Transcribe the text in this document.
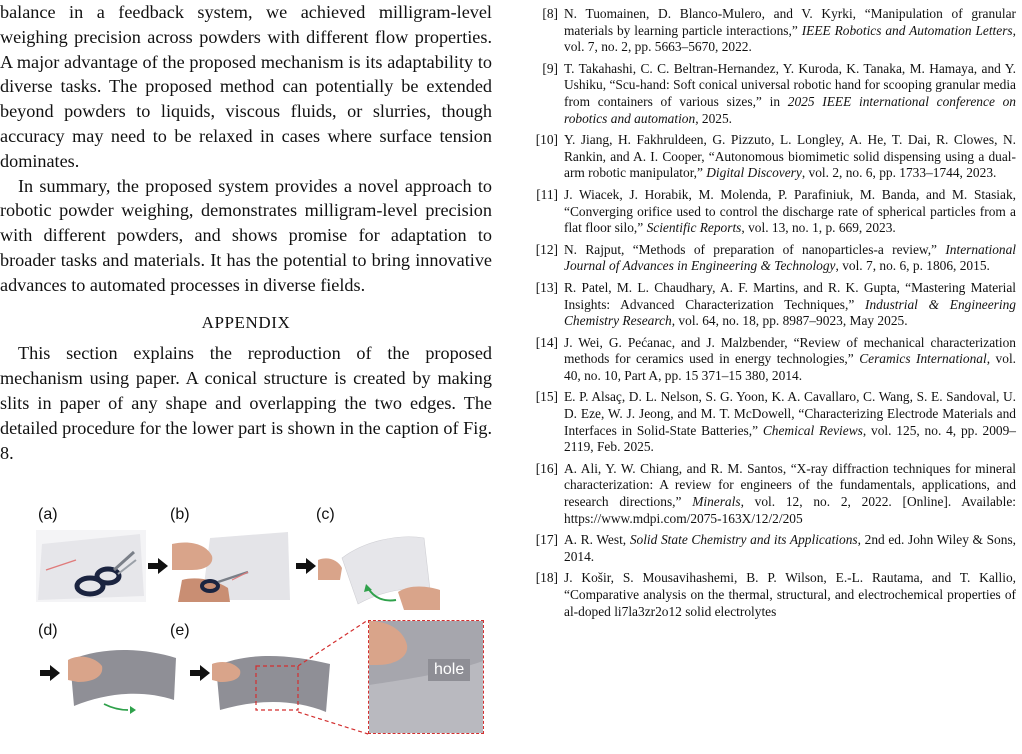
balance in a feedback system, we achieved milligram-level weighing precision across powders with different flow properties. A major advantage of the proposed mechanism is its adaptability to diverse tasks. The proposed method can potentially be extended beyond powders to liquids, viscous fluids, or slurries, though accuracy may need to be relaxed in cases where surface tension dominates.

In summary, the proposed system provides a novel approach to robotic powder weighing, demonstrates milligram-level precision with different powders, and shows promise for adaptation to broader tasks and materials. It has the potential to bring innovative advances to automated processes in diverse fields.

APPENDIX

This section explains the reproduction of the proposed mechanism using paper. A conical structure is created by making slits in paper of any shape and overlapping the two edges. The detailed procedure for the lower part is shown in the caption of Fig. 8.

(a)	(b)	(c)
(d)	(e)
hole
[8] N. Tuomainen, D. Blanco-Mulero, and V. Kyrki, “Manipulation of granular materials by learning particle interactions,” IEEE Robotics and Automation Letters, vol. 7, no. 2, pp. 5663–5670, 2022.
[9] T. Takahashi, C. C. Beltran-Hernandez, Y. Kuroda, K. Tanaka, M. Hamaya, and Y. Ushiku, “Scu-hand: Soft conical universal robotic hand for scooping granular media from containers of various sizes,” in 2025 IEEE international conference on robotics and automation, 2025.
[10] Y. Jiang, H. Fakhruldeen, G. Pizzuto, L. Longley, A. He, T. Dai, R. Clowes, N. Rankin, and A. I. Cooper, “Autonomous biomimetic solid dispensing using a dual-arm robotic manipulator,” Digital Discovery, vol. 2, no. 6, pp. 1733–1744, 2023.
[11] J. Wiacek, J. Horabik, M. Molenda, P. Parafiniuk, M. Banda, and M. Stasiak, “Converging orifice used to control the discharge rate of spherical particles from a flat floor silo,” Scientific Reports, vol. 13, no. 1, p. 669, 2023.
[12] N. Rajput, “Methods of preparation of nanoparticles-a review,” International Journal of Advances in Engineering & Technology, vol. 7, no. 6, p. 1806, 2015.
[13] R. Patel, M. L. Chaudhary, A. F. Martins, and R. K. Gupta, “Mastering Material Insights: Advanced Characterization Techniques,” Industrial & Engineering Chemistry Research, vol. 64, no. 18, pp. 8987–9023, May 2025.
[14] J. Wei, G. Pećanac, and J. Malzbender, “Review of mechanical characterization methods for ceramics used in energy technologies,” Ceramics International, vol. 40, no. 10, Part A, pp. 15 371–15 380, 2014.
[15] E. P. Alsaç, D. L. Nelson, S. G. Yoon, K. A. Cavallaro, C. Wang, S. E. Sandoval, U. D. Eze, W. J. Jeong, and M. T. McDowell, “Characterizing Electrode Materials and Interfaces in Solid-State Batteries,” Chemical Reviews, vol. 125, no. 4, pp. 2009–2119, Feb. 2025.
[16] A. Ali, Y. W. Chiang, and R. M. Santos, “X-ray diffraction techniques for mineral characterization: A review for engineers of the fundamentals, applications, and research directions,” Minerals, vol. 12, no. 2, 2022. [Online]. Available: https://www.mdpi.com/2075-163X/12/2/205
[17] A. R. West, Solid State Chemistry and its Applications, 2nd ed. John Wiley & Sons, 2014.
[18] J. Košir, S. Mousavihashemi, B. P. Wilson, E.-L. Rautama, and T. Kallio, “Comparative analysis on the thermal, structural, and electrochemical properties of al-doped li7la3zr2o12 solid electrolytes
